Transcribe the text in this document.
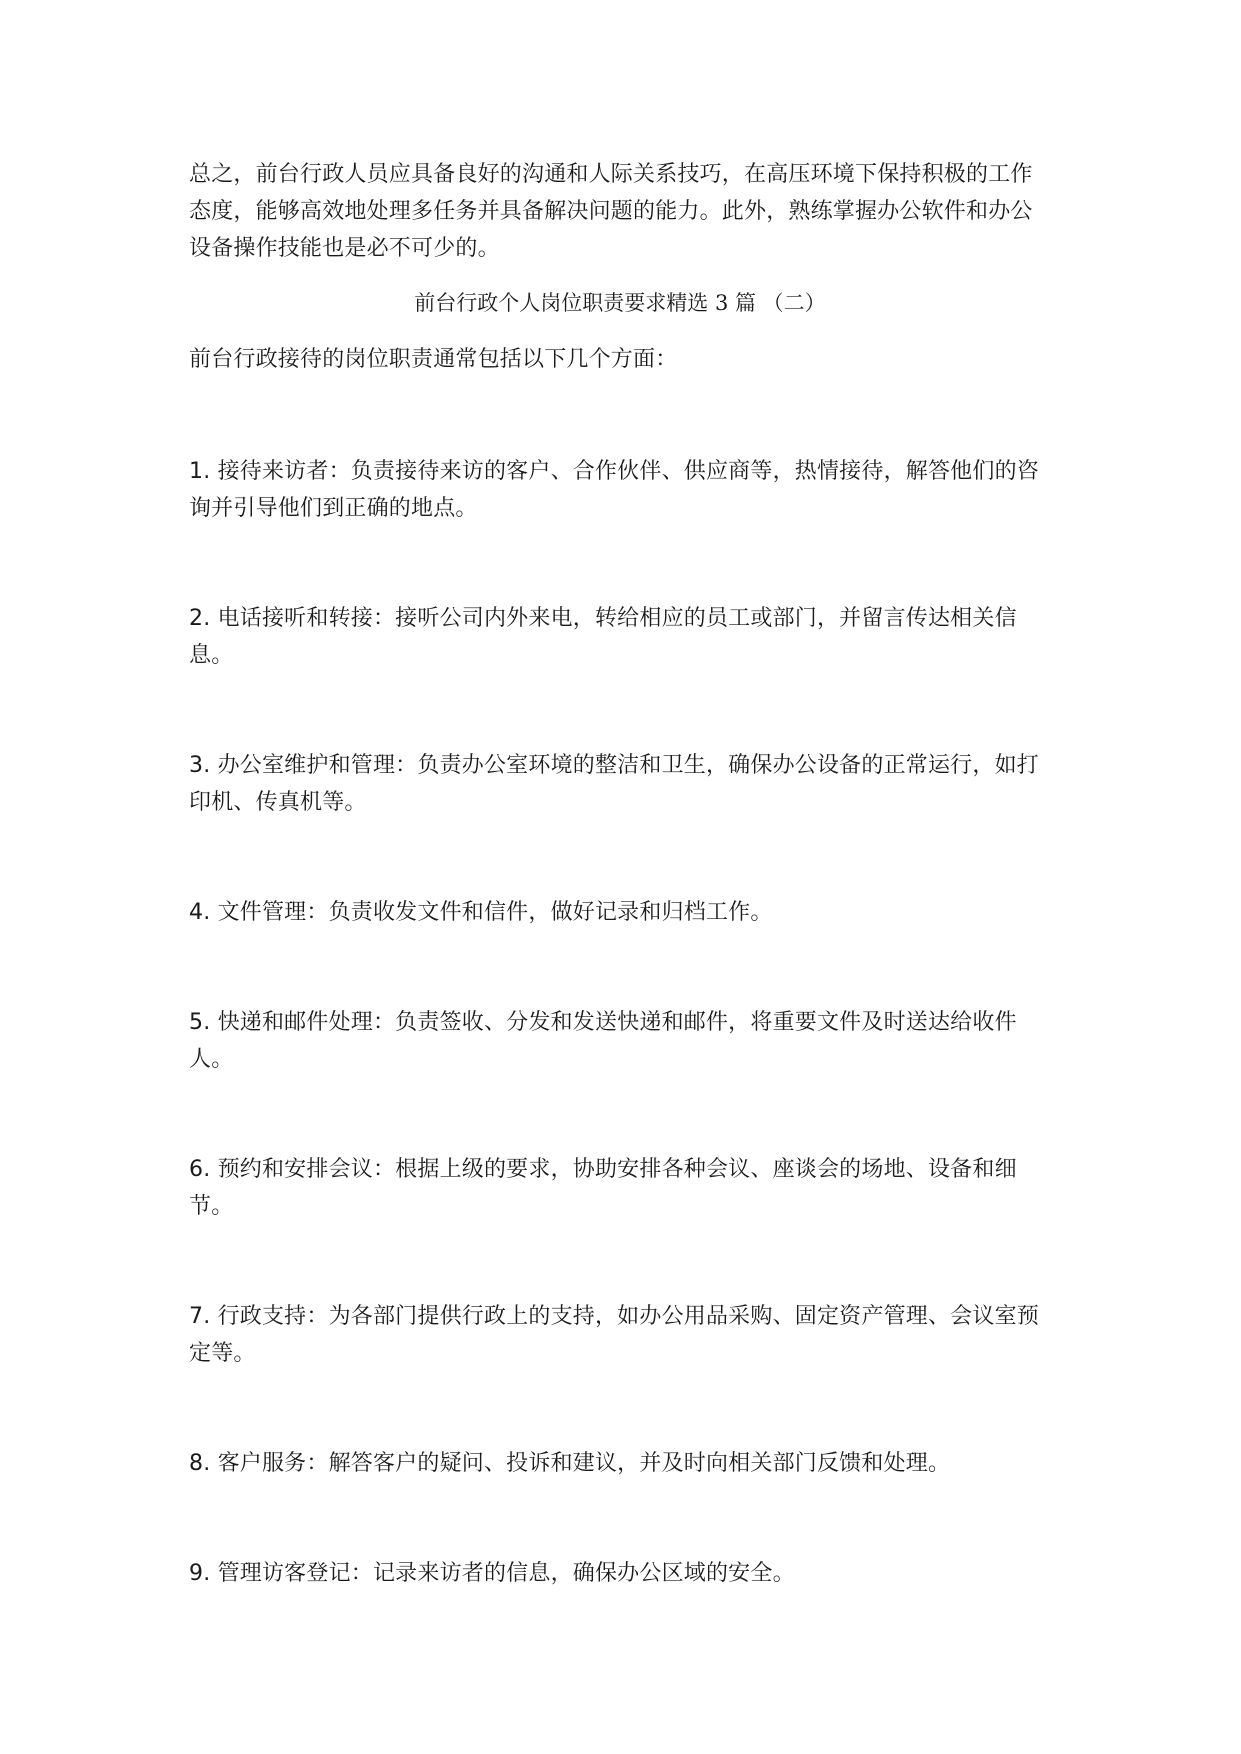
总之，前台行政人员应具备良好的沟通和人际关系技巧，在高压环境下保持积极的工作态度，能够高效地处理多任务并具备解决问题的能力。此外，熟练掌握办公软件和办公设备操作技能也是必不可少的。

前台行政个人岗位职责要求精选 3 篇 （二）

前台行政接待的岗位职责通常包括以下几个方面：

1. 接待来访者：负责接待来访的客户、合作伙伴、供应商等，热情接待，解答他们的咨询并引导他们到正确的地点。

2. 电话接听和转接：接听公司内外来电，转给相应的员工或部门，并留言传达相关信息。

3. 办公室维护和管理：负责办公室环境的整洁和卫生，确保办公设备的正常运行，如打印机、传真机等。

4. 文件管理：负责收发文件和信件，做好记录和归档工作。

5. 快递和邮件处理：负责签收、分发和发送快递和邮件，将重要文件及时送达给收件人。

6. 预约和安排会议：根据上级的要求，协助安排各种会议、座谈会的场地、设备和细节。

7. 行政支持：为各部门提供行政上的支持，如办公用品采购、固定资产管理、会议室预定等。

8. 客户服务：解答客户的疑问、投诉和建议，并及时向相关部门反馈和处理。

9. 管理访客登记：记录来访者的信息，确保办公区域的安全。
